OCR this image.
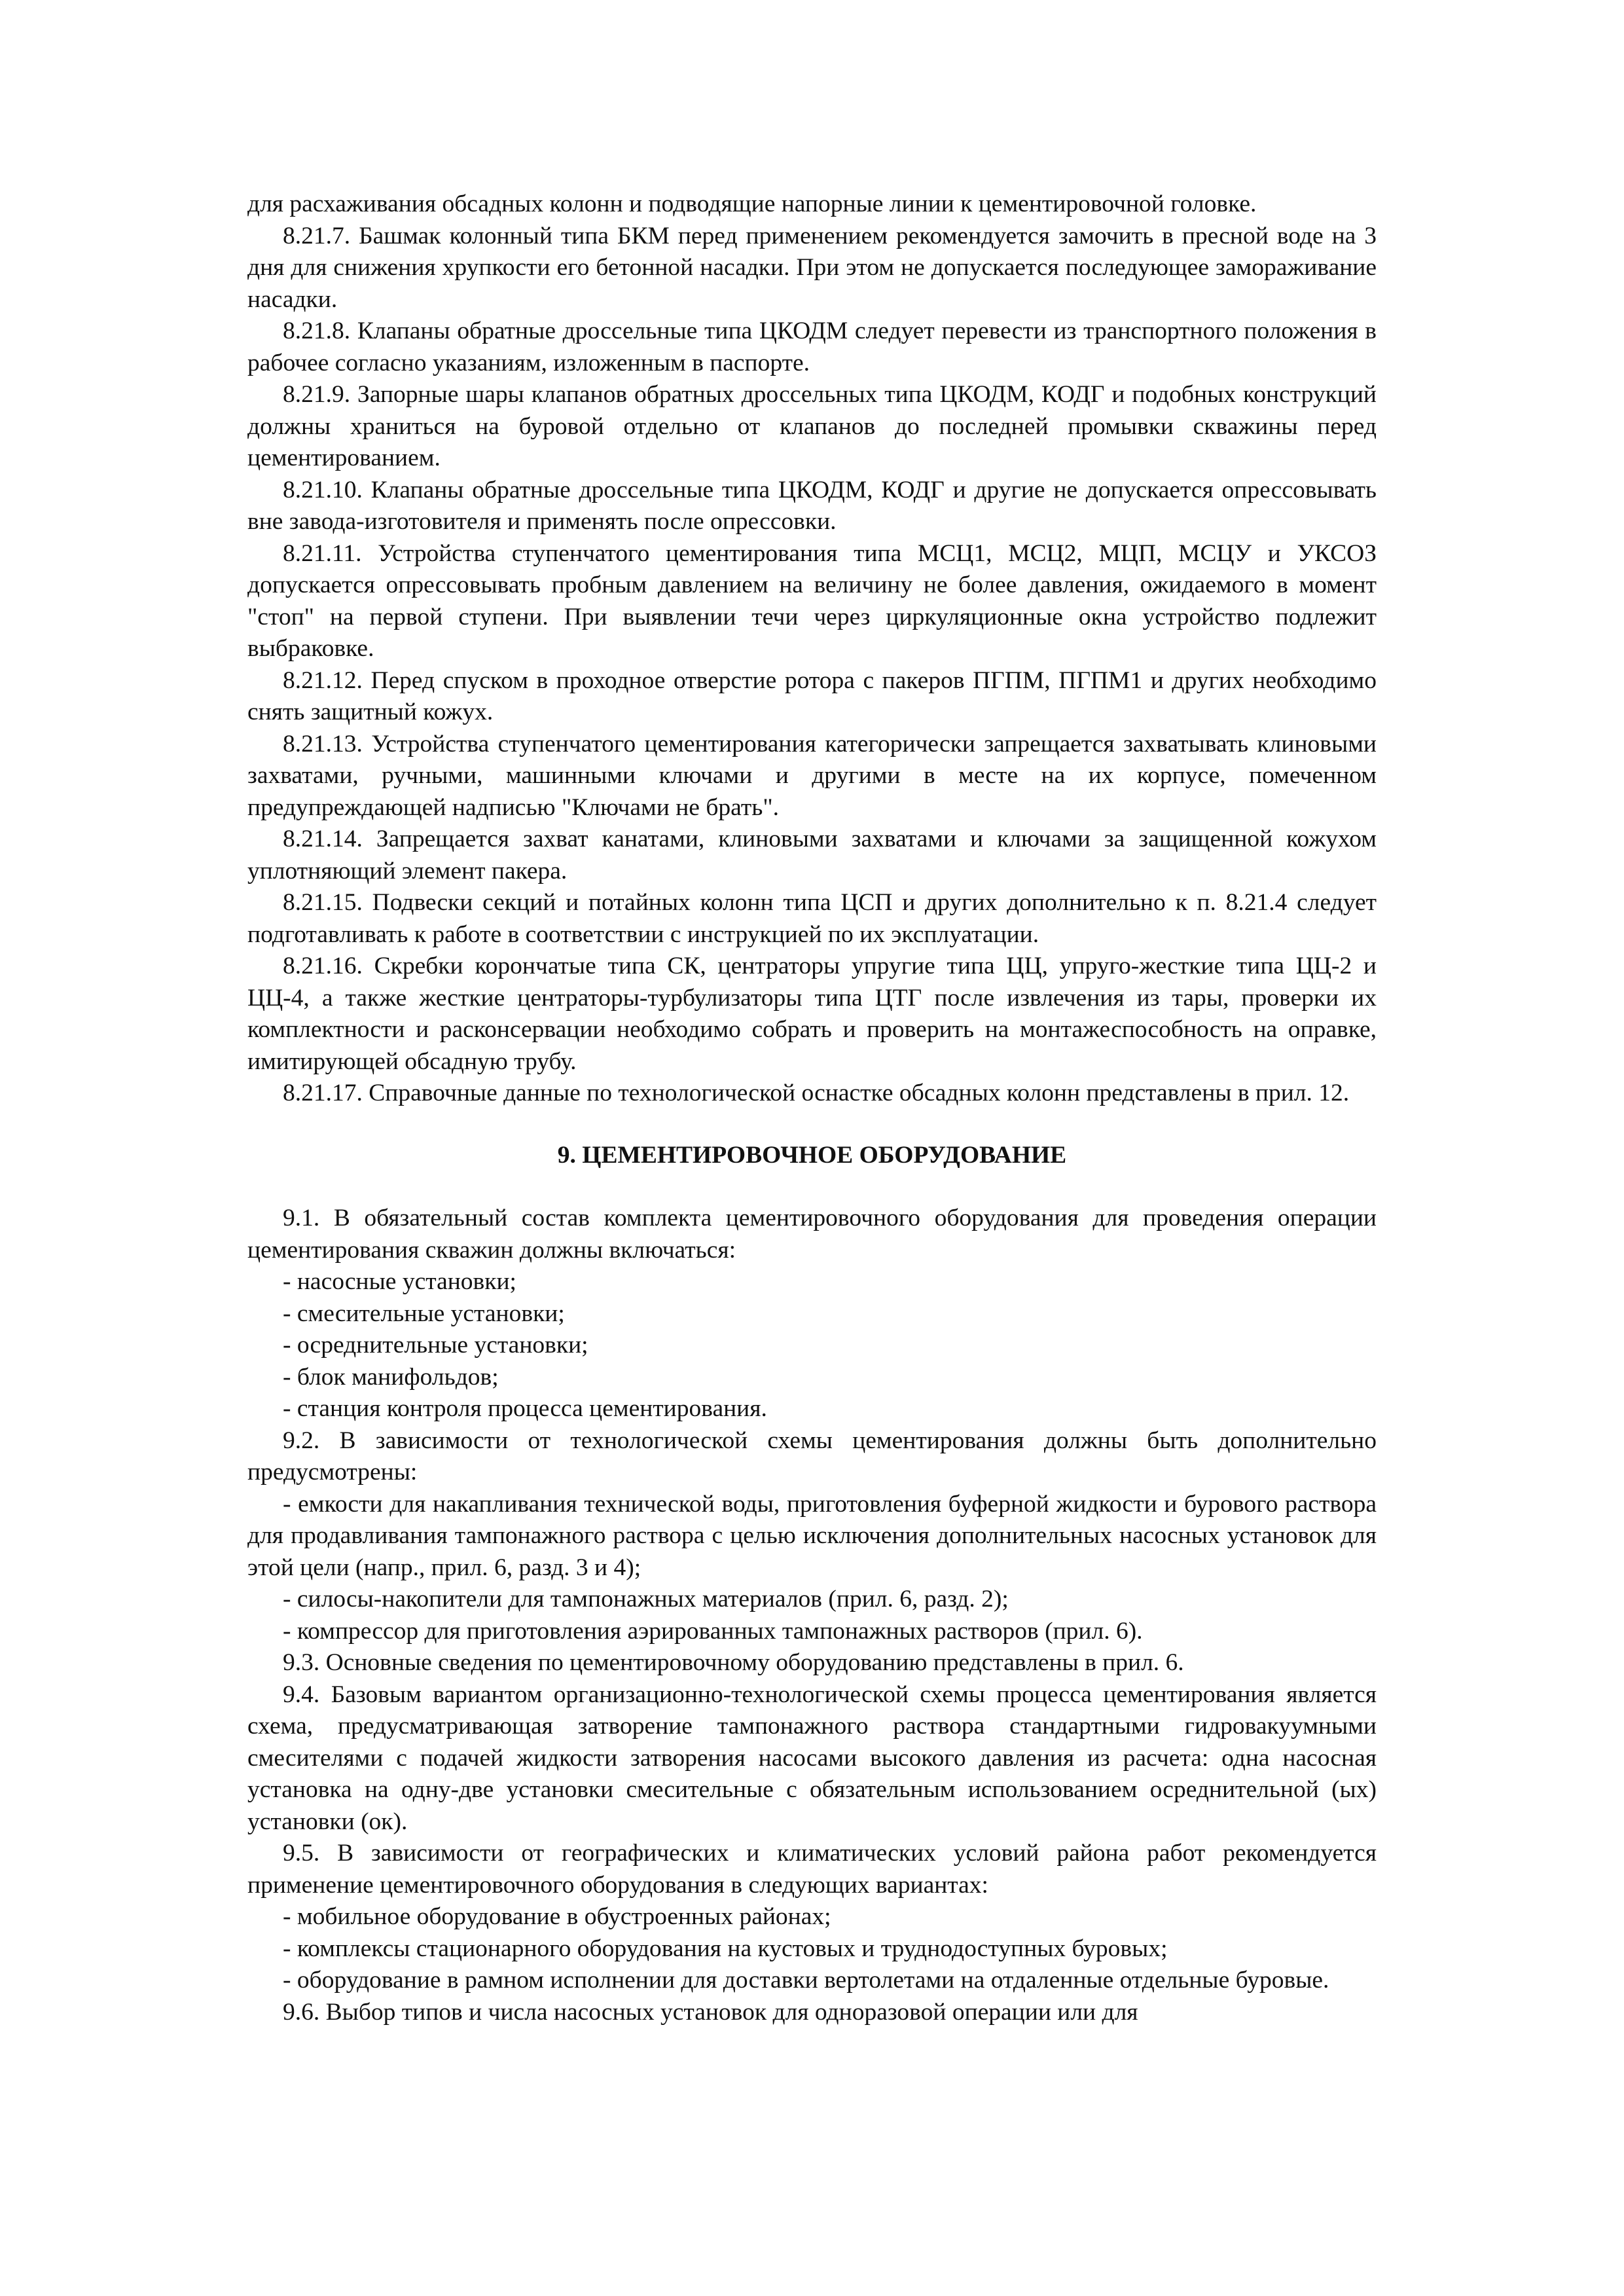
для расхаживания обсадных колонн и подводящие напорные линии к цементировочной головке.

8.21.7. Башмак колонный типа БКМ перед применением рекомендуется замочить в пресной воде на 3 дня для снижения хрупкости его бетонной насадки. При этом не допускается последующее замораживание насадки.

8.21.8. Клапаны обратные дроссельные типа ЦКОДМ следует перевести из транспортного положения в рабочее согласно указаниям, изложенным в паспорте.

8.21.9. Запорные шары клапанов обратных дроссельных типа ЦКОДМ, КОДГ и подобных конструкций должны храниться на буровой отдельно от клапанов до последней промывки скважины перед цементированием.

8.21.10. Клапаны обратные дроссельные типа ЦКОДМ, КОДГ и другие не допускается опрессовывать вне завода-изготовителя и применять после опрессовки.

8.21.11. Устройства ступенчатого цементирования типа МСЦ1, МСЦ2, МЦП, МСЦУ и УКСОЗ допускается опрессовывать пробным давлением на величину не более давления, ожидаемого в момент "стоп" на первой ступени. При выявлении течи через циркуляционные окна устройство подлежит выбраковке.

8.21.12. Перед спуском в проходное отверстие ротора с пакеров ПГПМ, ПГПМ1 и других необходимо снять защитный кожух.

8.21.13. Устройства ступенчатого цементирования категорически запрещается захватывать клиновыми захватами, ручными, машинными ключами и другими в месте на их корпусе, помеченном предупреждающей надписью "Ключами не брать".

8.21.14. Запрещается захват канатами, клиновыми захватами и ключами за защищенной кожухом уплотняющий элемент пакера.

8.21.15. Подвески секций и потайных колонн типа ЦСП и других дополнительно к п. 8.21.4 следует подготавливать к работе в соответствии с инструкцией по их эксплуатации.

8.21.16. Скребки корончатые типа СК, центраторы упругие типа ЦЦ, упруго-жесткие типа ЦЦ-2 и ЦЦ-4, а также жесткие центраторы-турбулизаторы типа ЦТГ после извлечения из тары, проверки их комплектности и расконсервации необходимо собрать и проверить на монтажеспособность на оправке, имитирующей обсадную трубу.

8.21.17. Справочные данные по технологической оснастке обсадных колонн представлены в прил. 12.

9. ЦЕМЕНТИРОВОЧНОЕ ОБОРУДОВАНИЕ

9.1. В обязательный состав комплекта цементировочного оборудования для проведения операции цементирования скважин должны включаться:

- насосные установки;

- смесительные установки;

- осреднительные установки;

- блок манифольдов;

- станция контроля процесса цементирования.

9.2. В зависимости от технологической схемы цементирования должны быть дополнительно предусмотрены:

- емкости для накапливания технической воды, приготовления буферной жидкости и бурового раствора для продавливания тампонажного раствора с целью исключения дополнительных насосных установок для этой цели (напр., прил. 6, разд. 3 и 4);

- силосы-накопители для тампонажных материалов (прил. 6, разд. 2);

- компрессор для приготовления аэрированных тампонажных растворов (прил. 6).

9.3. Основные сведения по цементировочному оборудованию представлены в прил. 6.

9.4. Базовым вариантом организационно-технологической схемы процесса цементирования является схема, предусматривающая затворение тампонажного раствора стандартными гидровакуумными смесителями с подачей жидкости затворения насосами высокого давления из расчета: одна насосная установка на одну-две установки смесительные с обязательным использованием осреднительной (ых) установки (ок).

9.5. В зависимости от географических и климатических условий района работ рекомендуется применение цементировочного оборудования в следующих вариантах:

- мобильное оборудование в обустроенных районах;

- комплексы стационарного оборудования на кустовых и труднодоступных буровых;

- оборудование в рамном исполнении для доставки вертолетами на отдаленные отдельные буровые.

9.6. Выбор типов и числа насосных установок для одноразовой операции или для
